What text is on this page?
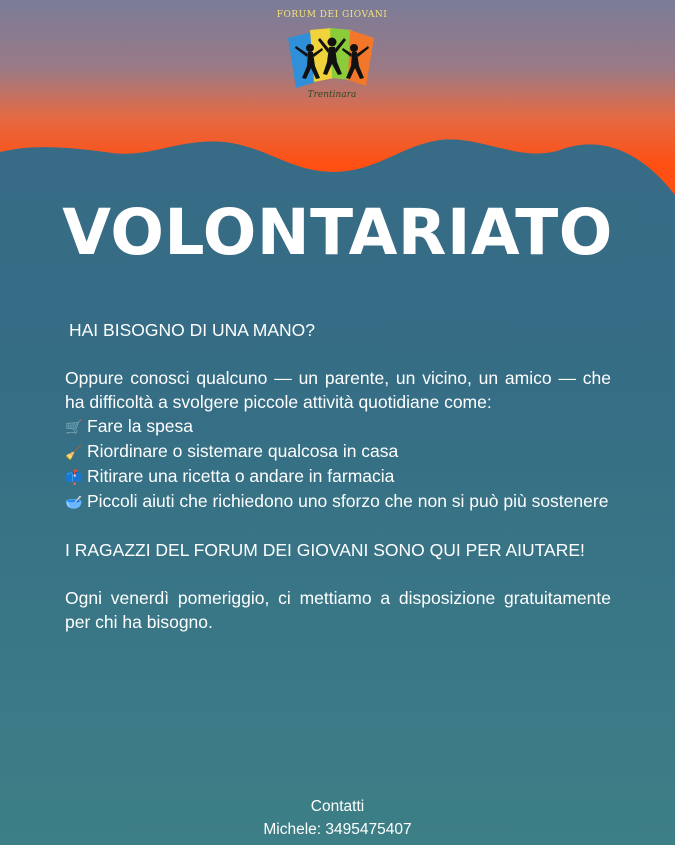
FORUM DEI GIOVANI
Trentinara
VOLONTARIATO

HAI BISOGNO DI UNA MANO?

Oppure conosci qualcuno — un parente, un vicino, un amico — che ha difficoltà a svolgere piccole attività quotidiane come:

🛒 Fare la spesa
🧹 Riordinare o sistemare qualcosa in casa
📫 Ritirare una ricetta o andare in farmacia
🥣 Piccoli aiuti che richiedono uno sforzo che non si può più sostenere

I RAGAZZI DEL FORUM DEI GIOVANI SONO QUI PER AIUTARE!

Ogni venerdì pomeriggio, ci mettiamo a disposizione gratuitamente per chi ha bisogno.

Contatti
Michele: 3495475407
